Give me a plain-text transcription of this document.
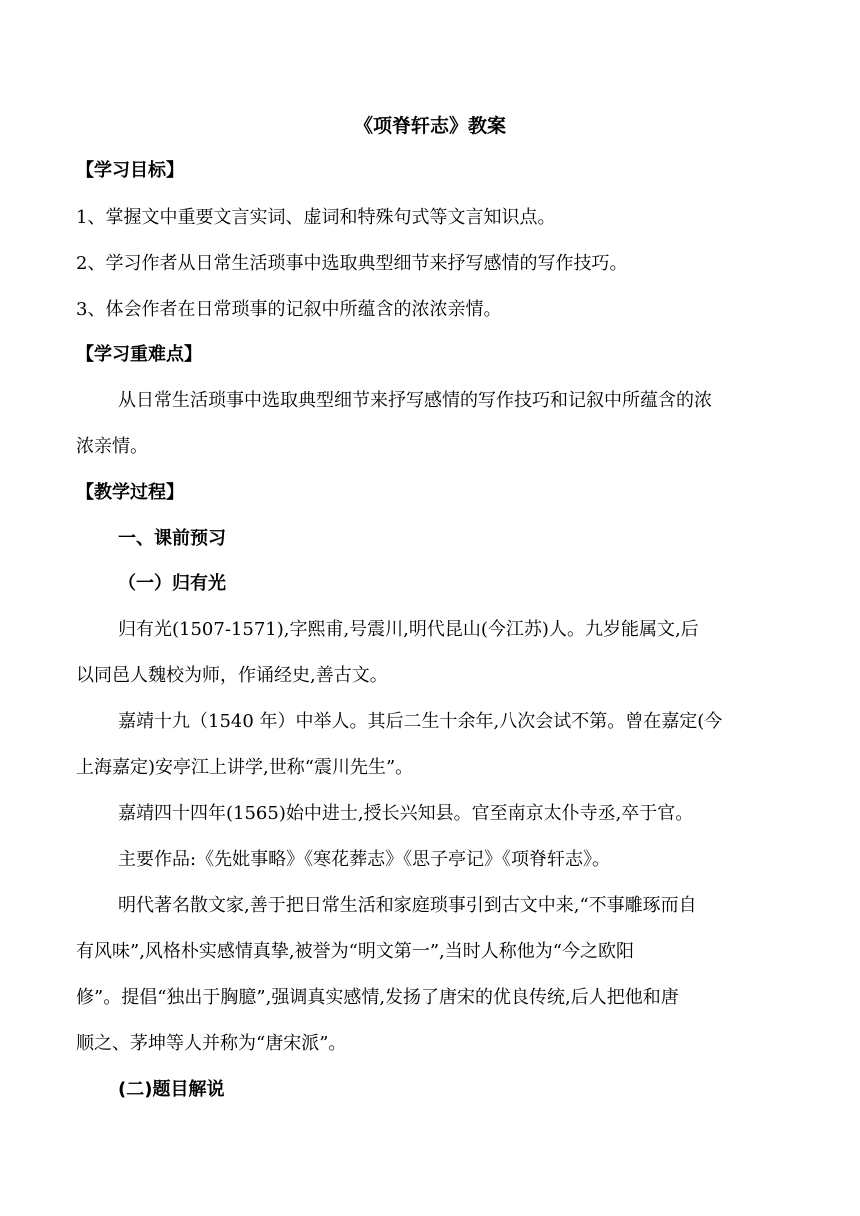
《项脊轩志》教案
【学习目标】
1、掌握文中重要文言实词、虚词和特殊句式等文言知识点。
2、学习作者从日常生活琐事中选取典型细节来抒写感情的写作技巧。
3、体会作者在日常琐事的记叙中所蕴含的浓浓亲情。
【学习重难点】
从日常生活琐事中选取典型细节来抒写感情的写作技巧和记叙中所蕴含的浓
浓亲情。
【教学过程】
一、课前预习
（一）归有光
归有光(1507-1571),字熙甫,号震川,明代昆山(今江苏)人。九岁能属文,后
以同邑人魏校为师，作诵经史,善古文。
嘉靖十九（1540 年）中举人。其后二生十余年,八次会试不第。曾在嘉定(今
上海嘉定)安亭江上讲学,世称“震川先生”。
嘉靖四十四年(1565)始中进士,授长兴知县。官至南京太仆寺丞,卒于官。
主要作品:《先妣事略》《寒花葬志》《思子亭记》《项脊轩志》。
明代著名散文家,善于把日常生活和家庭琐事引到古文中来,“不事雕琢而自
有风味”,风格朴实感情真挚,被誉为“明文第一”,当时人称他为“今之欧阳
修”。提倡“独出于胸臆”,强调真实感情,发扬了唐宋的优良传统,后人把他和唐
顺之、茅坤等人并称为“唐宋派”。
(二)题目解说
